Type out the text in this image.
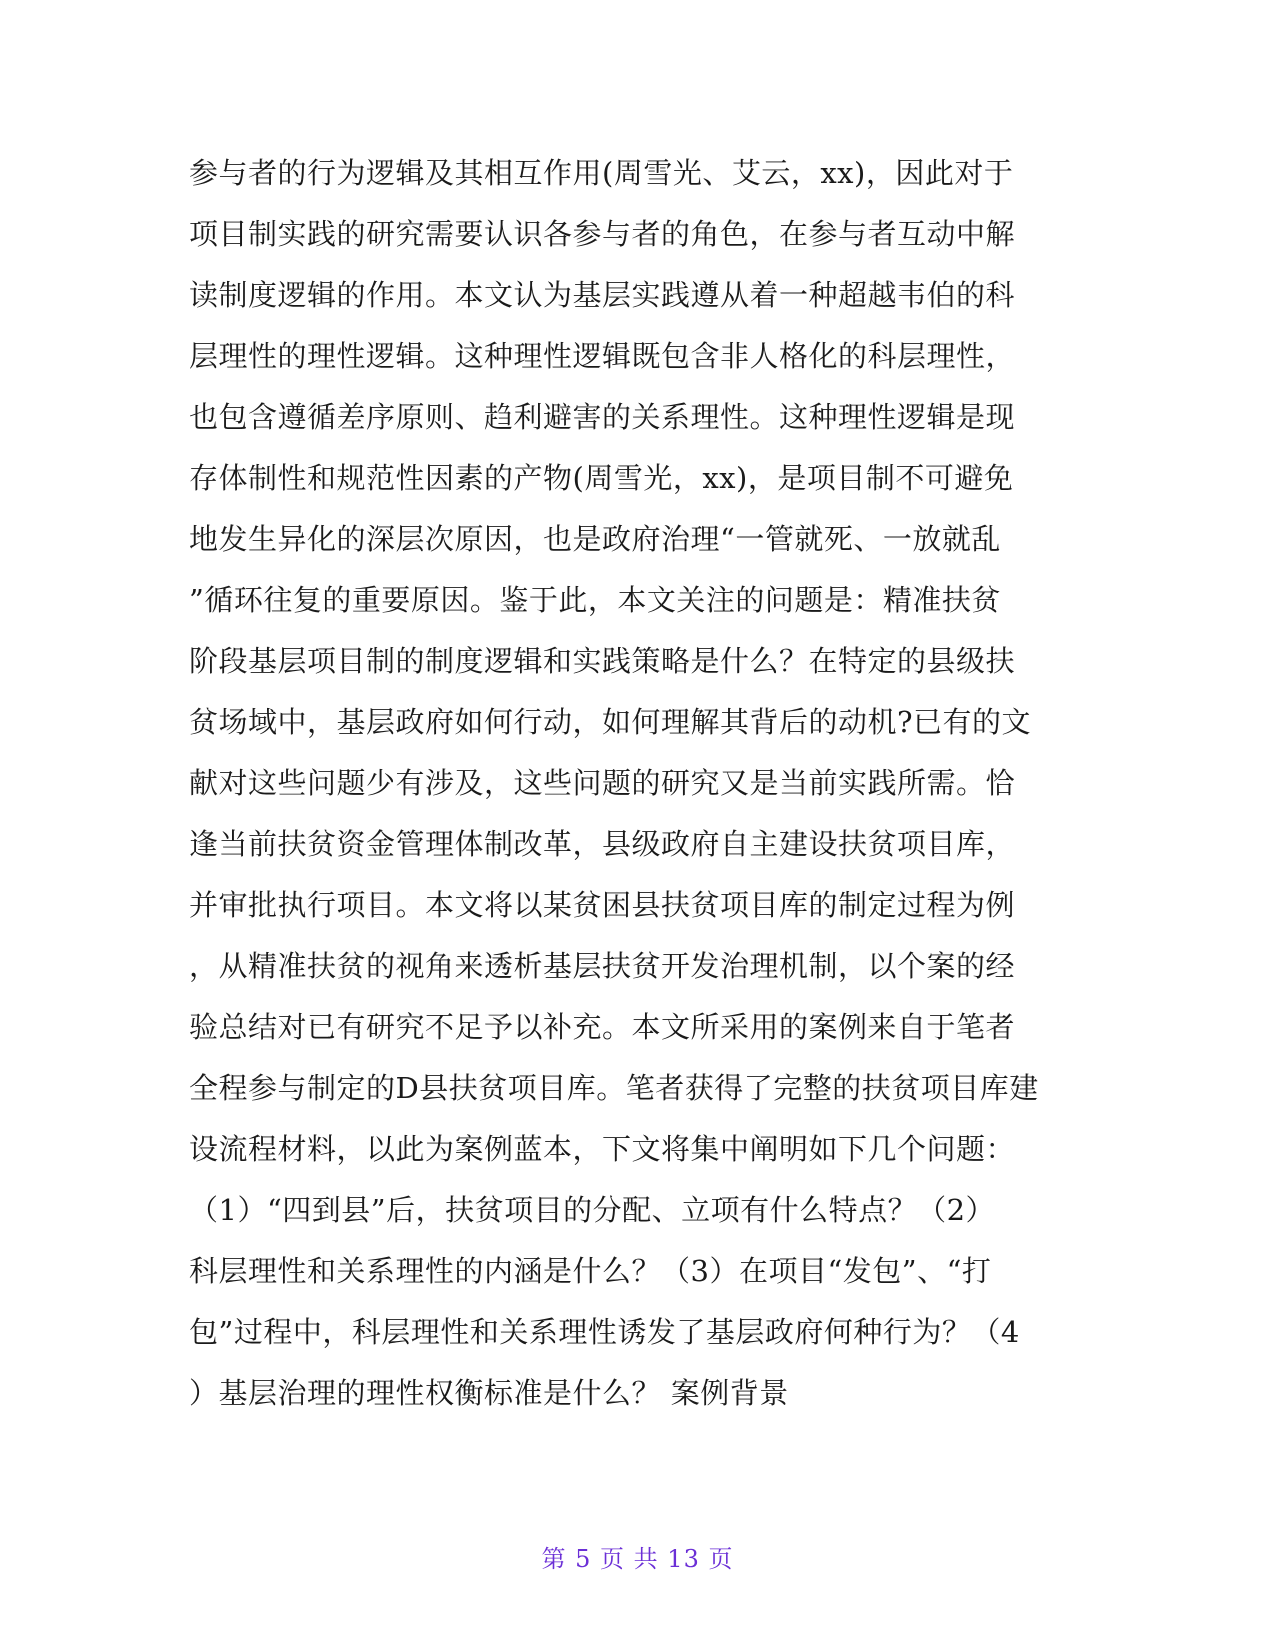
参与者的行为逻辑及其相互作用(周雪光、艾云，xx)，因此对于
项目制实践的研究需要认识各参与者的角色，在参与者互动中解
读制度逻辑的作用。本文认为基层实践遵从着一种超越韦伯的科
层理性的理性逻辑。这种理性逻辑既包含非人格化的科层理性，
也包含遵循差序原则、趋利避害的关系理性。这种理性逻辑是现
存体制性和规范性因素的产物(周雪光，xx)，是项目制不可避免
地发生异化的深层次原因，也是政府治理“一管就死、一放就乱
”循环往复的重要原因。鉴于此，本文关注的问题是：精准扶贫
阶段基层项目制的制度逻辑和实践策略是什么？在特定的县级扶
贫场域中，基层政府如何行动，如何理解其背后的动机?已有的文
献对这些问题少有涉及，这些问题的研究又是当前实践所需。恰
逢当前扶贫资金管理体制改革，县级政府自主建设扶贫项目库，
并审批执行项目。本文将以某贫困县扶贫项目库的制定过程为例
，从精准扶贫的视角来透析基层扶贫开发治理机制，以个案的经
验总结对已有研究不足予以补充。本文所采用的案例来自于笔者
全程参与制定的D县扶贫项目库。笔者获得了完整的扶贫项目库建
设流程材料，以此为案例蓝本，下文将集中阐明如下几个问题：
（1）“四到县”后，扶贫项目的分配、立项有什么特点？（2）
科层理性和关系理性的内涵是什么？（3）在项目“发包”、“打
包”过程中，科层理性和关系理性诱发了基层政府何种行为？（4
）基层治理的理性权衡标准是什么？ 案例背景
第 5 页 共 13 页
